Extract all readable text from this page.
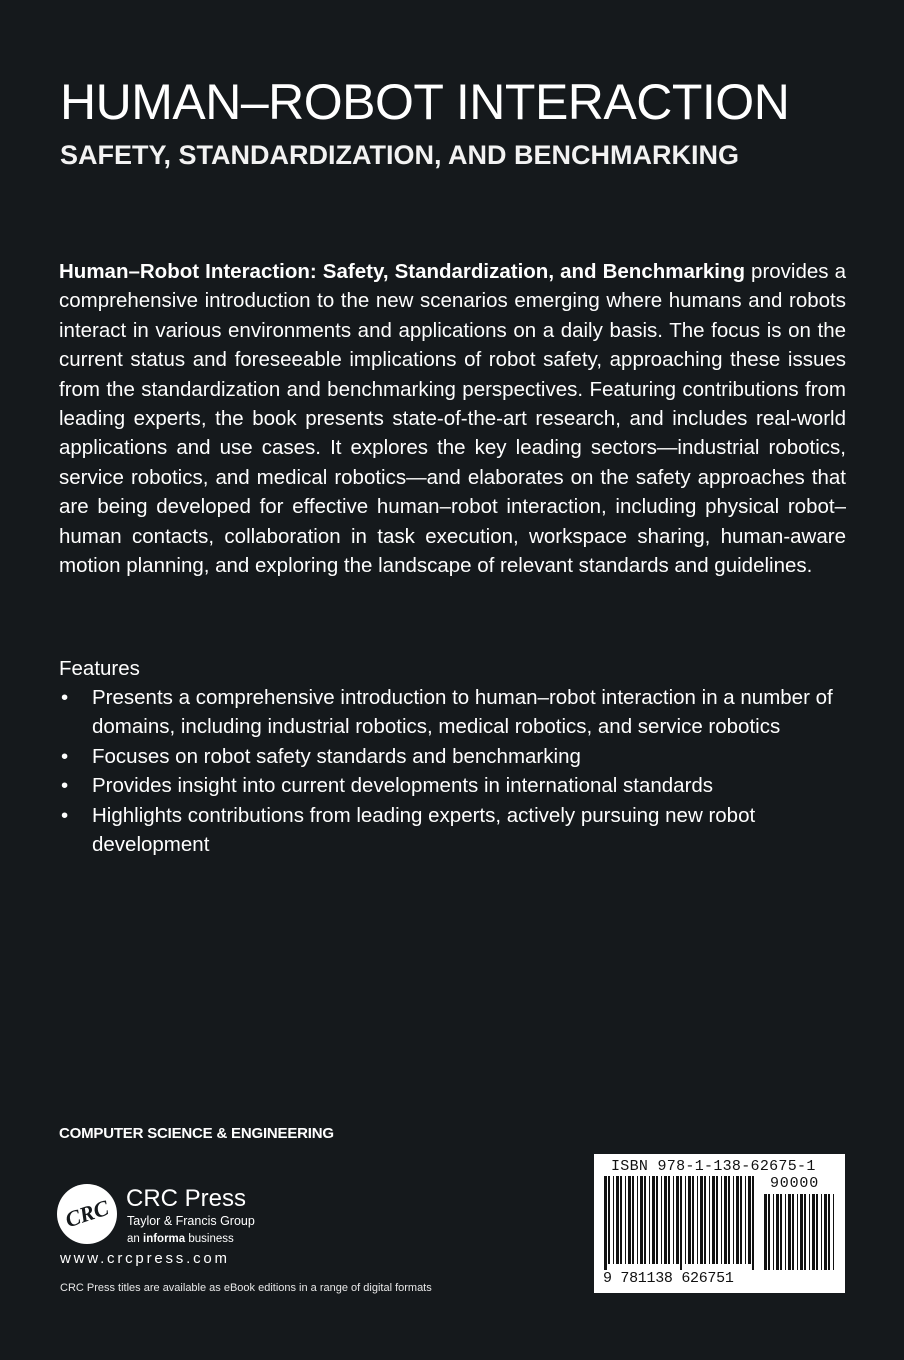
HUMAN–ROBOT INTERACTION
SAFETY, STANDARDIZATION, AND BENCHMARKING

Human–Robot Interaction: Safety, Standardization, and Benchmarking provides a comprehensive introduction to the new scenarios emerging where humans and robots interact in various environments and applications on a daily basis. The focus is on the current status and foreseeable implications of robot safety, approaching these issues from the standardization and benchmarking perspectives. Featuring contributions from leading experts, the book presents state-of-the-art research, and includes real-world applications and use cases. It explores the key leading sectors—industrial robotics, service robotics, and medical robotics—and elaborates on the safety approaches that are being developed for effective human–robot interaction, including physical robot–human contacts, collaboration in task execution, workspace sharing, human-aware motion planning, and exploring the landscape of relevant standards and guidelines.

Features

• Presents a comprehensive introduction to human–robot interaction in a number of domains, including industrial robotics, medical robotics, and service robotics
• Focuses on robot safety standards and benchmarking
• Provides insight into current developments in international standards
• Highlights contributions from leading experts, actively pursuing new robot development

COMPUTER SCIENCE & ENGINEERING

CRC CRC Press

Taylor & Francis Group

an informa business

www.crcpress.com

CRC Press titles are available as eBook editions in a range of digital formats

ISBN 978-1-138-62675-1
90000
9 781138 626751
